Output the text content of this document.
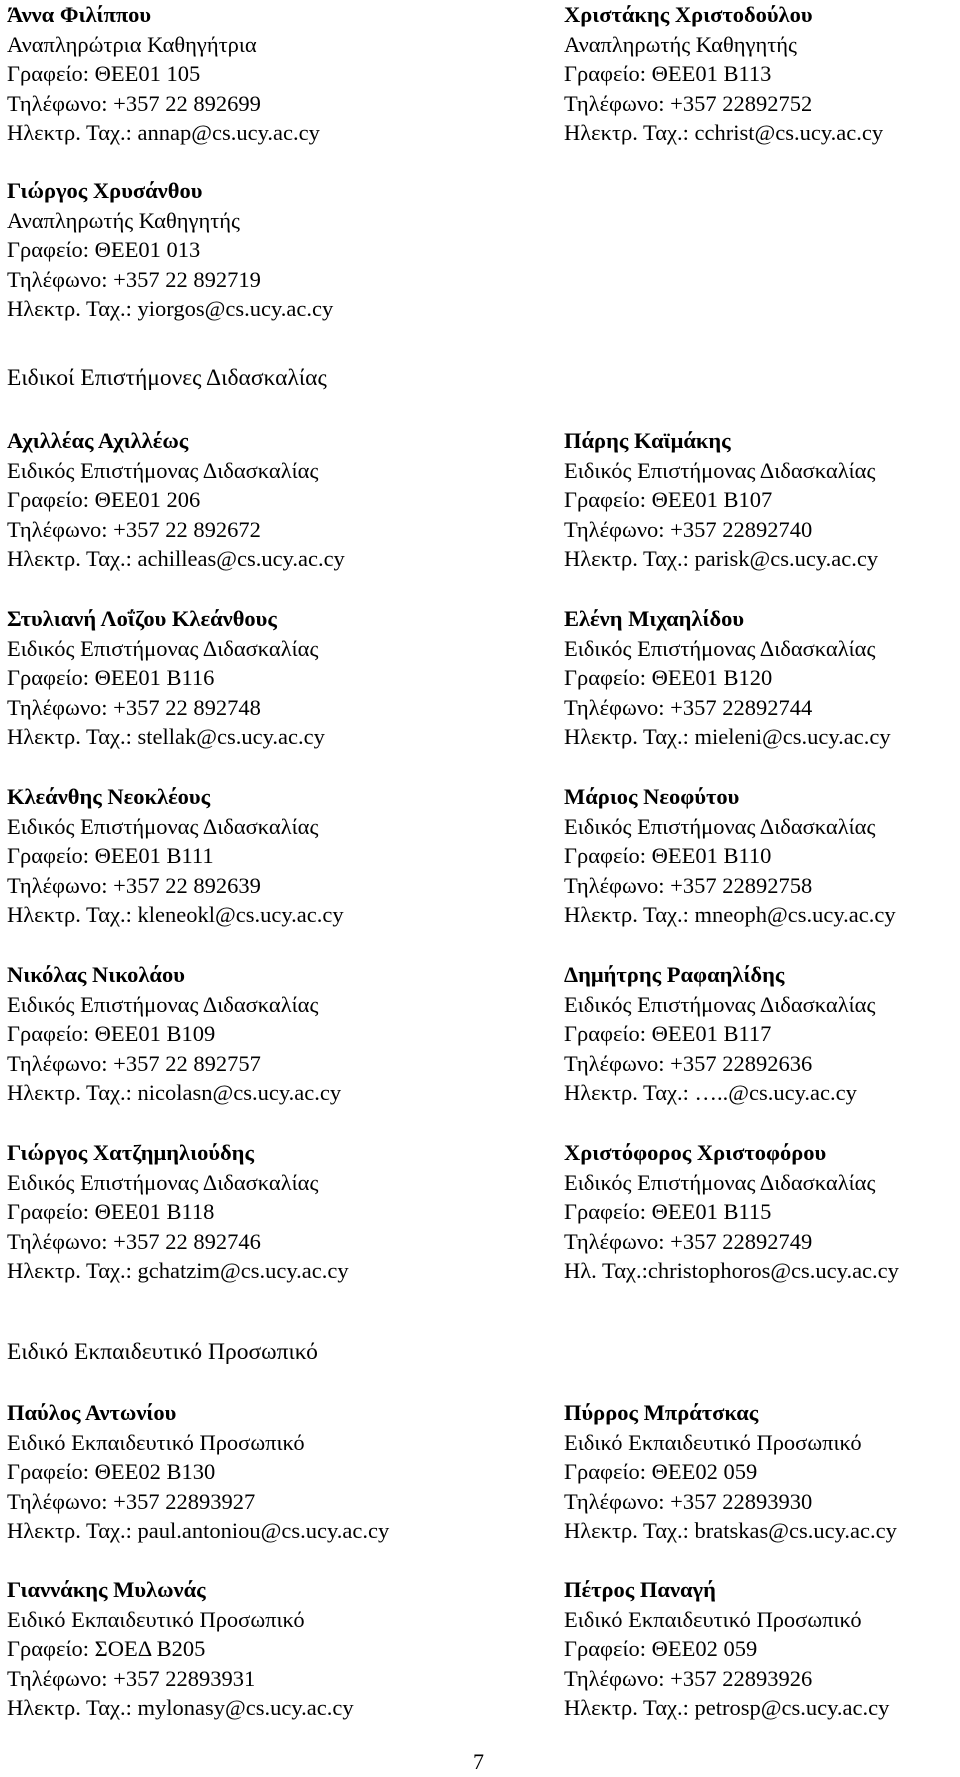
Άννα Φιλίππου
Αναπληρώτρια Καθηγήτρια
Γραφείο: ΘΕΕ01 105
Τηλέφωνο: +357 22 892699
Ηλεκτρ. Ταχ.: annap@cs.ucy.ac.cy
Χριστάκης Χριστοδούλου
Αναπληρωτής Καθηγητής
Γραφείο: ΘΕΕ01 Β113
Τηλέφωνο: +357 22892752
Ηλεκτρ. Ταχ.: cchrist@cs.ucy.ac.cy
Γιώργος Χρυσάνθου
Αναπληρωτής Καθηγητής
Γραφείο: ΘΕΕ01 013
Τηλέφωνο: +357 22 892719
Ηλεκτρ. Ταχ.: yiorgos@cs.ucy.ac.cy
Ειδικοί Επιστήμονες Διδασκαλίας
Αχιλλέας Αχιλλέως
Ειδικός Επιστήμονας Διδασκαλίας
Γραφείο: ΘΕΕ01 206
Τηλέφωνο: +357 22 892672
Ηλεκτρ. Ταχ.: achilleas@cs.ucy.ac.cy
Στυλιανή Λοΐζου Κλεάνθους
Ειδικός Επιστήμονας Διδασκαλίας
Γραφείο: ΘΕΕ01 Β116
Τηλέφωνο: +357 22 892748
Ηλεκτρ. Ταχ.: stellak@cs.ucy.ac.cy
Κλεάνθης Νεοκλέους
Ειδικός Επιστήμονας Διδασκαλίας
Γραφείο: ΘΕΕ01 Β111
Τηλέφωνο: +357 22 892639
Ηλεκτρ. Ταχ.: kleneokl@cs.ucy.ac.cy
Νικόλας Νικολάου
Ειδικός Επιστήμονας Διδασκαλίας
Γραφείο: ΘΕΕ01 Β109
Τηλέφωνο: +357 22 892757
Ηλεκτρ. Ταχ.: nicolasn@cs.ucy.ac.cy
Γιώργος Χατζημηλιούδης
Ειδικός Επιστήμονας Διδασκαλίας
Γραφείο: ΘΕΕ01 Β118
Τηλέφωνο: +357 22 892746
Ηλεκτρ. Ταχ.: gchatzim@cs.ucy.ac.cy
Πάρης Καϊμάκης
Ειδικός Επιστήμονας Διδασκαλίας
Γραφείο: ΘΕΕ01 Β107
Τηλέφωνο: +357 22892740
Ηλεκτρ. Ταχ.: parisk@cs.ucy.ac.cy
Ελένη Μιχαηλίδου
Ειδικός Επιστήμονας Διδασκαλίας
Γραφείο: ΘΕΕ01 Β120
Τηλέφωνο: +357 22892744
Ηλεκτρ. Ταχ.: mieleni@cs.ucy.ac.cy
Μάριος Νεοφύτου
Ειδικός Επιστήμονας Διδασκαλίας
Γραφείο: ΘΕΕ01 Β110
Τηλέφωνο: +357 22892758
Ηλεκτρ. Ταχ.: mneoph@cs.ucy.ac.cy
Δημήτρης Ραφαηλίδης
Ειδικός Επιστήμονας Διδασκαλίας
Γραφείο: ΘΕΕ01 Β117
Τηλέφωνο: +357 22892636
Ηλεκτρ. Ταχ.: …..@cs.ucy.ac.cy
Χριστόφορος Χριστοφόρου
Ειδικός Επιστήμονας Διδασκαλίας
Γραφείο: ΘΕΕ01 Β115
Τηλέφωνο: +357 22892749
Ηλ. Ταχ.:christophoros@cs.ucy.ac.cy
Ειδικό Εκπαιδευτικό Προσωπικό
Παύλος Αντωνίου
Ειδικό Εκπαιδευτικό Προσωπικό
Γραφείο: ΘΕΕ02 Β130
Τηλέφωνο: +357 22893927
Ηλεκτρ. Ταχ.: paul.antoniou@cs.ucy.ac.cy
Γιαννάκης Μυλωνάς
Ειδικό Εκπαιδευτικό Προσωπικό
Γραφείο: ΣΟΕΔ Β205
Τηλέφωνο: +357 22893931
Ηλεκτρ. Ταχ.: mylonasy@cs.ucy.ac.cy
Πύρρος Μπράτσκας
Ειδικό Εκπαιδευτικό Προσωπικό
Γραφείο: ΘΕΕ02 059
Τηλέφωνο: +357 22893930
Ηλεκτρ. Ταχ.: bratskas@cs.ucy.ac.cy
Πέτρος Παναγή
Ειδικό Εκπαιδευτικό Προσωπικό
Γραφείο: ΘΕΕ02 059
Τηλέφωνο: +357 22893926
Ηλεκτρ. Ταχ.: petrosp@cs.ucy.ac.cy
7
